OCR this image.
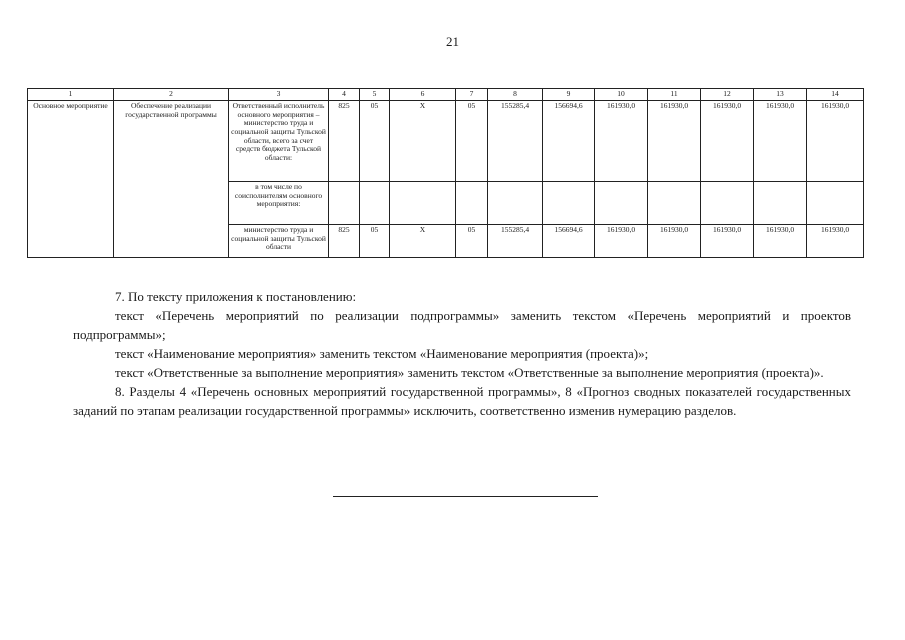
21
1	2	3	4	5	6	7	8	9	10	11	12	13	14
Основное мероприятие	Обеспечение реализации государственной программы	Ответственный исполнитель основного мероприятия – министерство труда и социальной защиты Тульской области, всего за счет средств бюджета Тульской области:	825	05	Х	05	155285,4	156694,6	161930,0	161930,0	161930,0	161930,0	161930,0
		в том числе по соисполнителям основного мероприятия:											
		министерство труда и социальной защиты Тульской области	825	05	Х	05	155285,4	156694,6	161930,0	161930,0	161930,0	161930,0	161930,0

7. По тексту приложения к постановлению:

текст «Перечень мероприятий по реализации подпрограммы» заменить текстом «Перечень мероприятий и проектов подпрограммы»;

текст «Наименование мероприятия» заменить текстом «Наименование мероприятия (проекта)»;

текст «Ответственные за выполнение мероприятия» заменить текстом «Ответственные за выполнение мероприятия (проекта)».

8. Разделы 4 «Перечень основных мероприятий государственной программы», 8 «Прогноз сводных показателей государственных заданий по этапам реализации государственной программы» исключить, соответственно изменив нумерацию разделов.
